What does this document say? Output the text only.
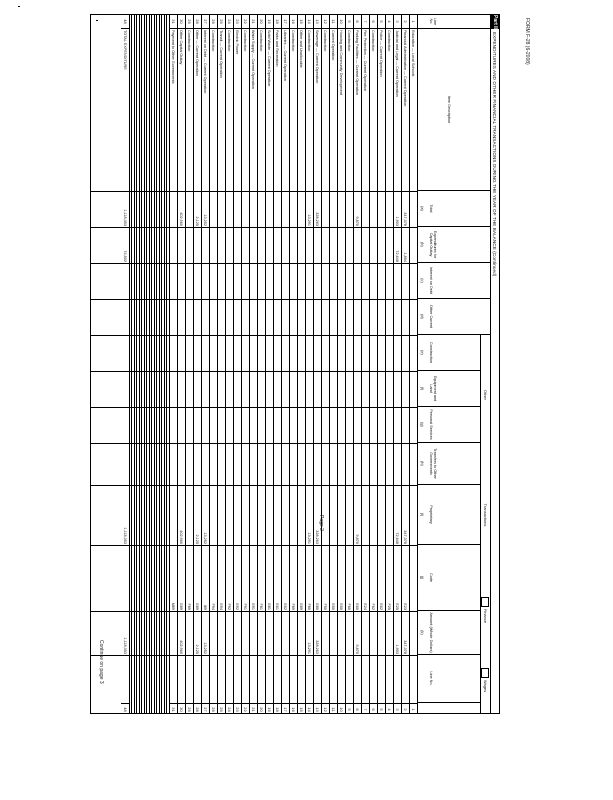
Part II
EXPENDITURES AND OTHER FINANCIAL TRANSACTIONS DURING THE YEAR OF THE BALANCE (Continued)
Line
No.
Item Description
Other
Transactions
Finance
Wages
Total
(a)
Expenditures for Capital Outlay
(b)
Interest on Debt
(c)
Other Current
(d)
Construction
(e)
Equipment and Land
(f)
Personal Services
(g)
Transfers to Other Governments
(h)
Proprietary
(i)
Code
(j)
Amount (Whole Dollars)
(k)
Line No.
1
Education — Local Schools
1
2
Financial Administration — Current Operation
347,378
1,854
347,378
E23
347,378
2
3
Judicial and Legal — Current Operation
1,903
72,648
72,648
E25
1,903
3
4
Construction
F25
4
5
Police — Current Operation
E62
5
6
Construction
F62
6
7
Fire Protection — Current Operation
E24
7
8
Parking Facilities — Current Operation
9,870
9,870
E60
9,870
8
9
Construction
F60
9
10
Housing and Community Development
E50
10
11
Current Operation
E50
11
12
Construction
F50
12
13
Sewerage — Current Operation
328,263
328,263
E80
328,263
13
14
Construction
13,291
13,291
F80
13,291
14
15
Other and Unallocable
E89
15
16
Construction
F89
16
17
Libraries — Current Operation
E52
17
18
Parks and Recreation
E61
18
19
Solid Waste — Current Operation
E81
19
20
Construction
F81
20
21
Water Supply — Current Operation
E91
21
22
Construction
F91
22
23
Electric Power
E92
23
24
Construction
F92
24
25
Transit — Current Operation
E94
25
26
Construction
F94
26
27
Interest on Debt — Current Operation
13,252
13,252
I89
13,252
27
28
Other — Current Operation
2,125
2,125
E89
2,125
28
29
Construction
F89
29
30
Other Capital Outlay
402,960
402,960
G89
402,960
30
31
Payment to Other Governments
M89
31
48
TOTAL EXPENDITURE
1,118,353
74,502
1,118,353
1,118,353
48
Continue on page 3
Page 2
FORM F-28 (6-2008)
